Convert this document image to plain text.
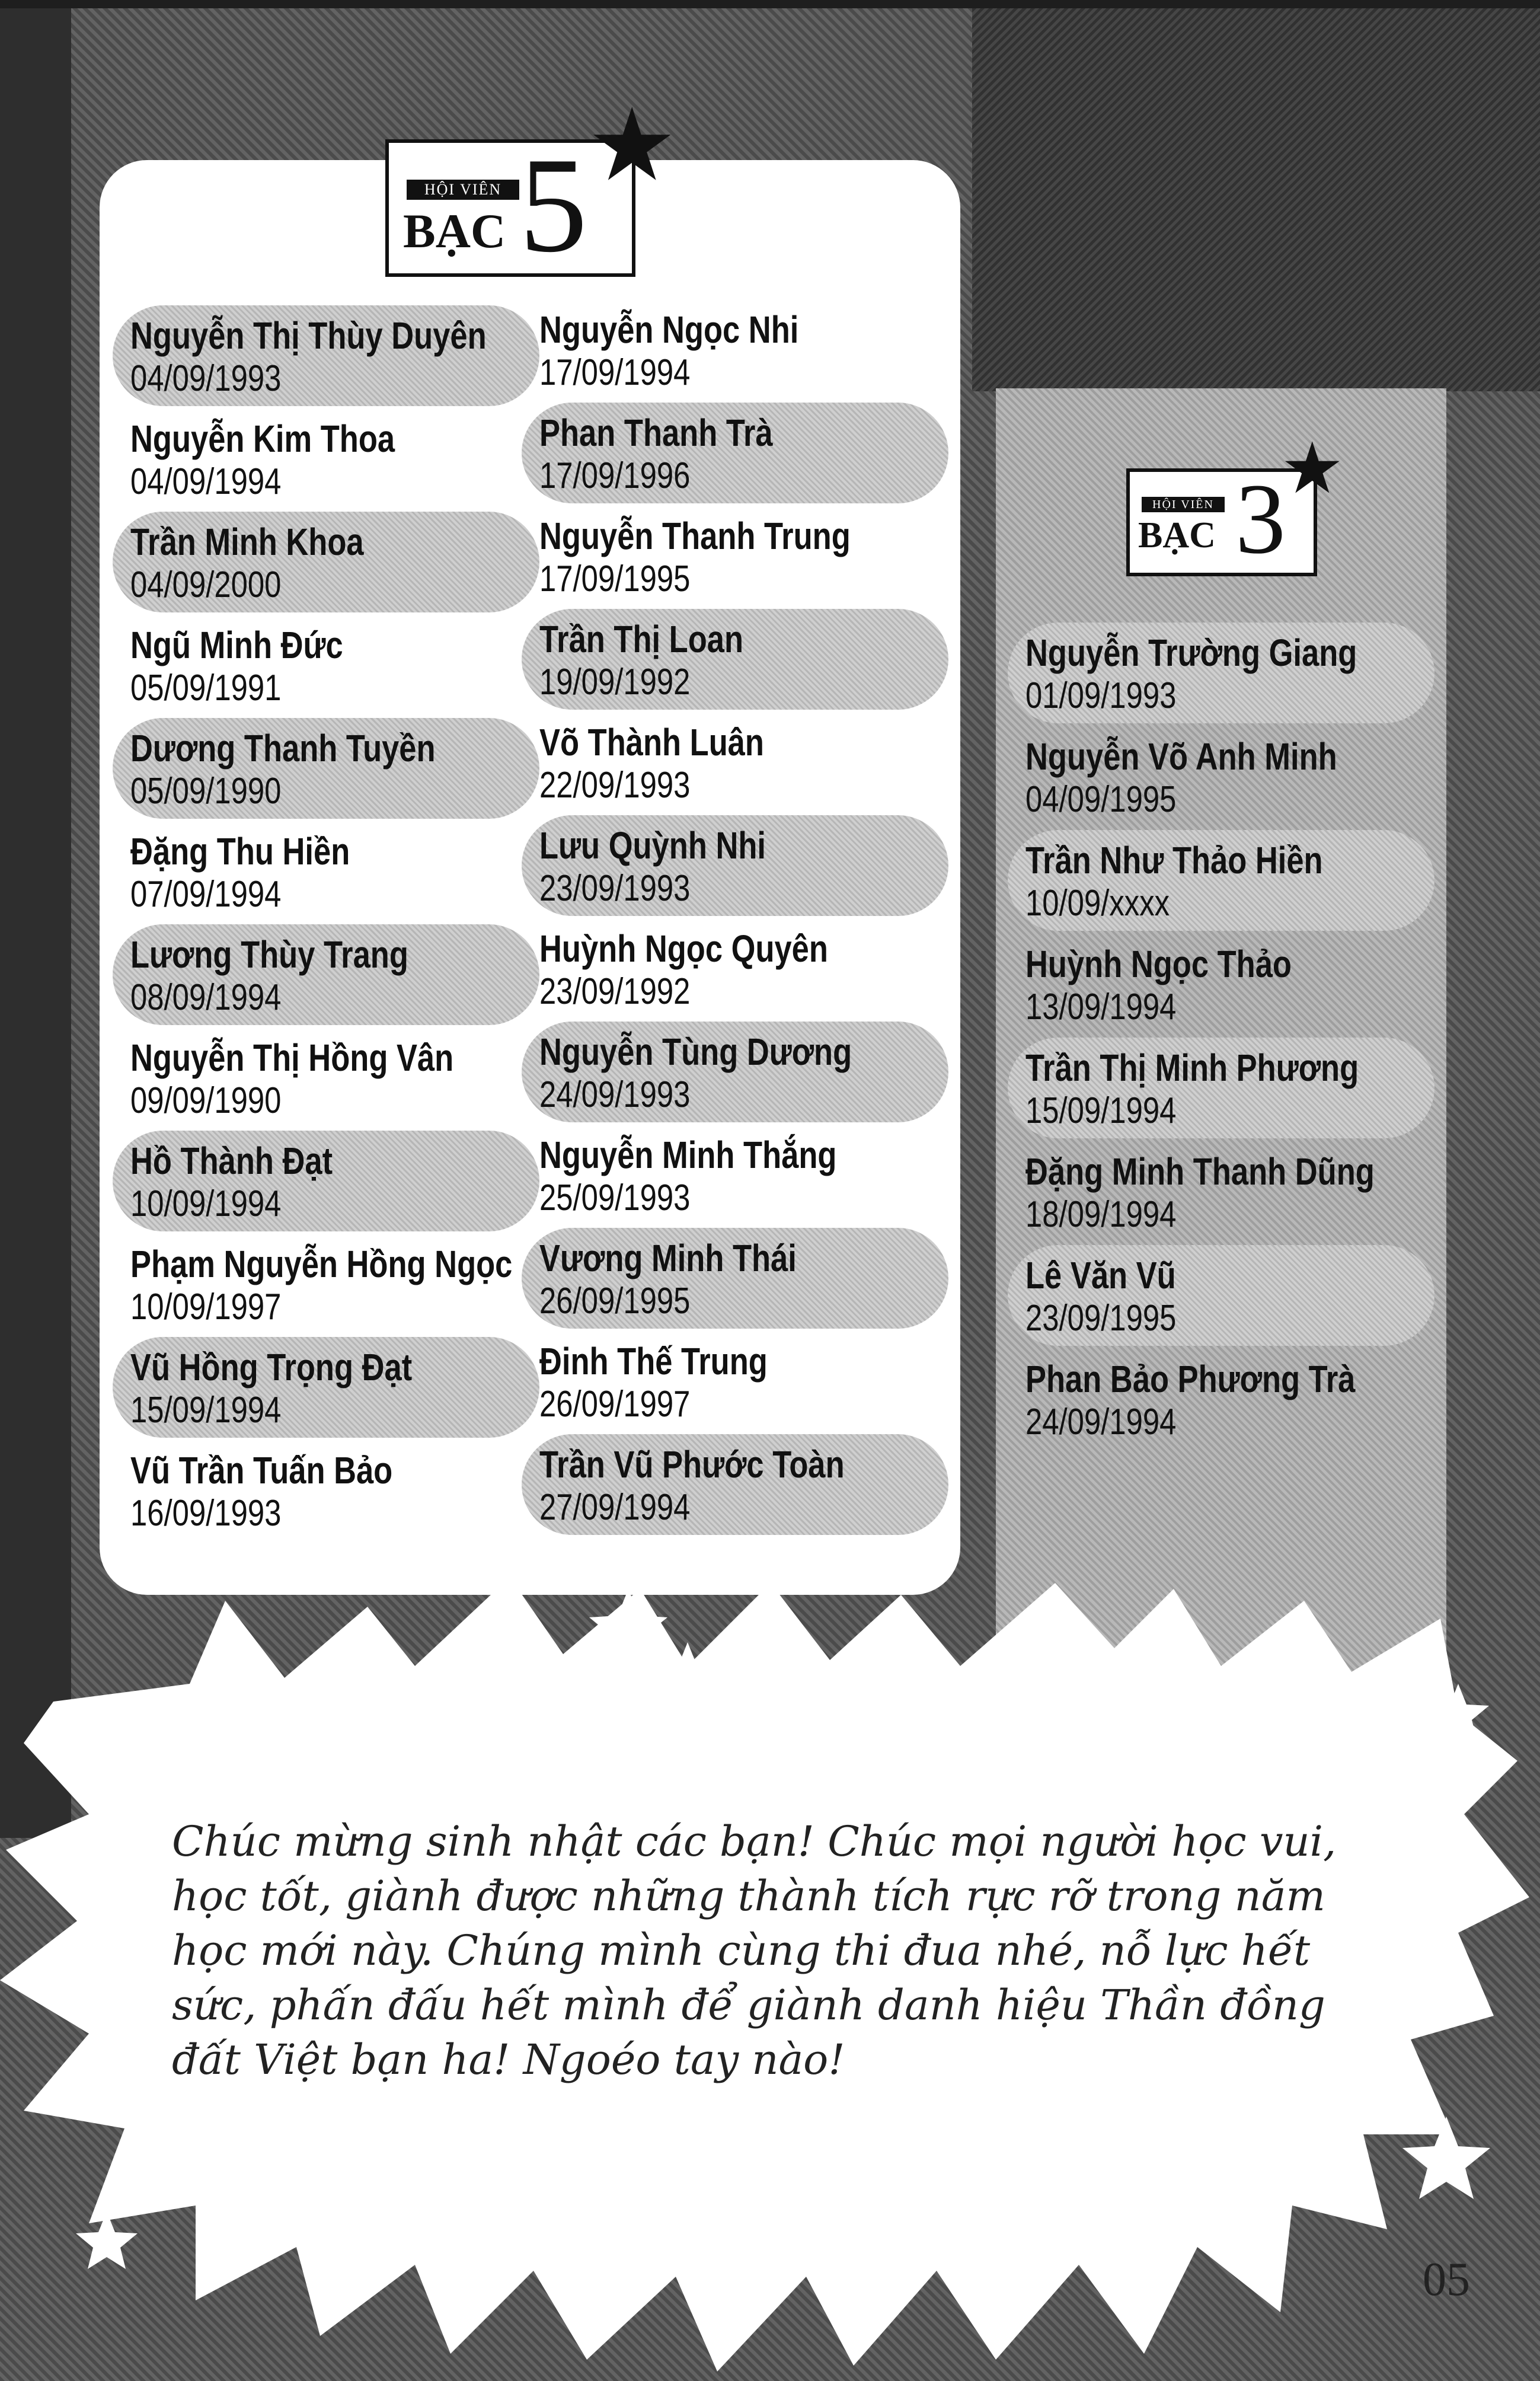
HỘI VIÊN
BẠC 5 ★
Nguyễn Thị Thùy Duyên
04/09/1993
Nguyễn Kim Thoa
04/09/1994
Trần Minh Khoa
04/09/2000
Ngũ Minh Đức
05/09/1991
Dương Thanh Tuyền
05/09/1990
Đặng Thu Hiền
07/09/1994
Lương Thùy Trang
08/09/1994
Nguyễn Thị Hồng Vân
09/09/1990
Hồ Thành Đạt
10/09/1994
Phạm Nguyễn Hồng Ngọc
10/09/1997
Vũ Hồng Trọng Đạt
15/09/1994
Vũ Trần Tuấn Bảo
16/09/1993
Nguyễn Ngọc Nhi
17/09/1994
Phan Thanh Trà
17/09/1996
Nguyễn Thanh Trung
17/09/1995
Trần Thị Loan
19/09/1992
Võ Thành Luân
22/09/1993
Lưu Quỳnh Nhi
23/09/1993
Huỳnh Ngọc Quyên
23/09/1992
Nguyễn Tùng Dương
24/09/1993
Nguyễn Minh Thắng
25/09/1993
Vương Minh Thái
26/09/1995
Đinh Thế Trung
26/09/1997
Trần Vũ Phước Toàn
27/09/1994
HỘI VIÊN
BẠC 3
★
Nguyễn Trường Giang
01/09/1993
Nguyễn Võ Anh Minh
04/09/1995
Trần Như Thảo Hiền
10/09/xxxx
Huỳnh Ngọc Thảo
13/09/1994
Trần Thị Minh Phương
15/09/1994
Đặng Minh Thanh Dũng
18/09/1994
Lê Văn Vũ
23/09/1995
Phan Bảo Phương Trà
24/09/1994
Chúc mừng sinh nhật các bạn! Chúc mọi người học vui, học tốt, giành được những thành tích rực rỡ trong năm học mới này. Chúng mình cùng thi đua nhé, nỗ lực hết sức, phấn đấu hết mình để giành danh hiệu Thần đồng đất Việt bạn ha! Ngoéo tay nào!
05
